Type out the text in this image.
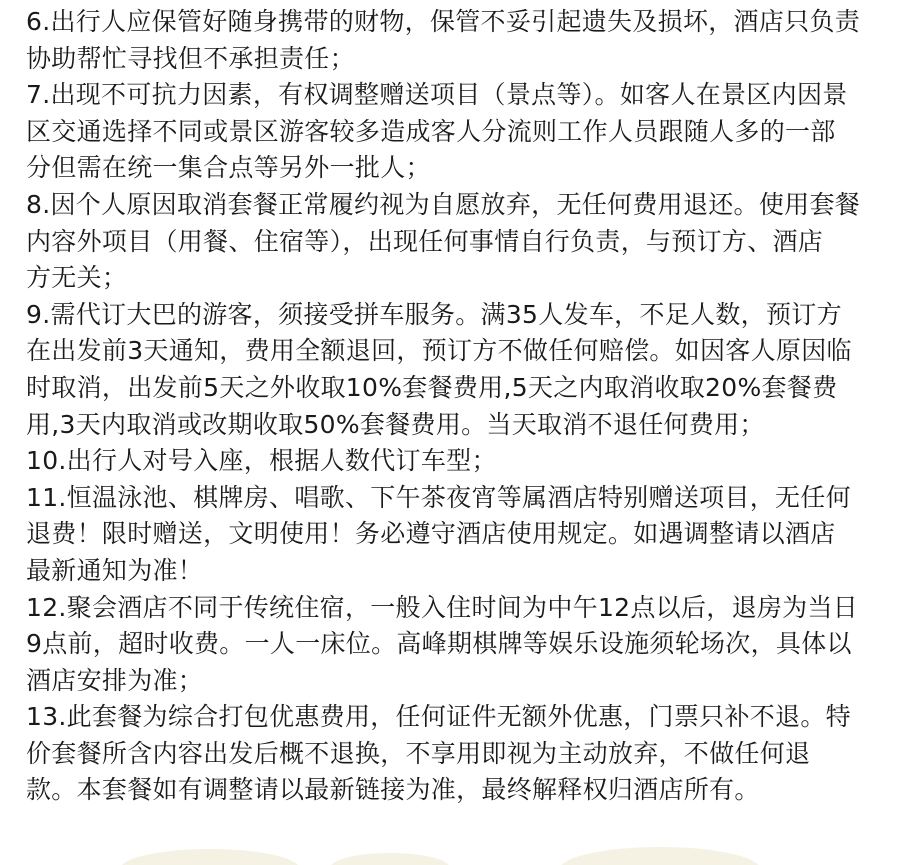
6.出行人应保管好随身携带的财物，保管不妥引起遗失及损坏，酒店只负责
协助帮忙寻找但不承担责任；
7.出现不可抗力因素，有权调整赠送项目（景点等）。如客人在景区内因景
区交通选择不同或景区游客较多造成客人分流则工作人员跟随人多的一部
分但需在统一集合点等另外一批人；
8.因个人原因取消套餐正常履约视为自愿放弃，无任何费用退还。使用套餐
内容外项目（用餐、住宿等），出现任何事情自行负责，与预订方、酒店
方无关；
9.需代订大巴的游客，须接受拼车服务。满35人发车，不足人数，预订方
在出发前3天通知，费用全额退回，预订方不做任何赔偿。如因客人原因临
时取消，出发前5天之外收取10%套餐费用,5天之内取消收取20%套餐费
用,3天内取消或改期收取50%套餐费用。当天取消不退任何费用；
10.出行人对号入座，根据人数代订车型；
11.恒温泳池、棋牌房、唱歌、下午茶夜宵等属酒店特别赠送项目，无任何
退费！限时赠送，文明使用！务必遵守酒店使用规定。如遇调整请以酒店
最新通知为准！
12.聚会酒店不同于传统住宿，一般入住时间为中午12点以后，退房为当日
9点前，超时收费。一人一床位。高峰期棋牌等娱乐设施须轮场次，具体以
酒店安排为准；
13.此套餐为综合打包优惠费用，任何证件无额外优惠，门票只补不退。特
价套餐所含内容出发后概不退换，不享用即视为主动放弃，不做任何退
款。本套餐如有调整请以最新链接为准，最终解释权归酒店所有。
